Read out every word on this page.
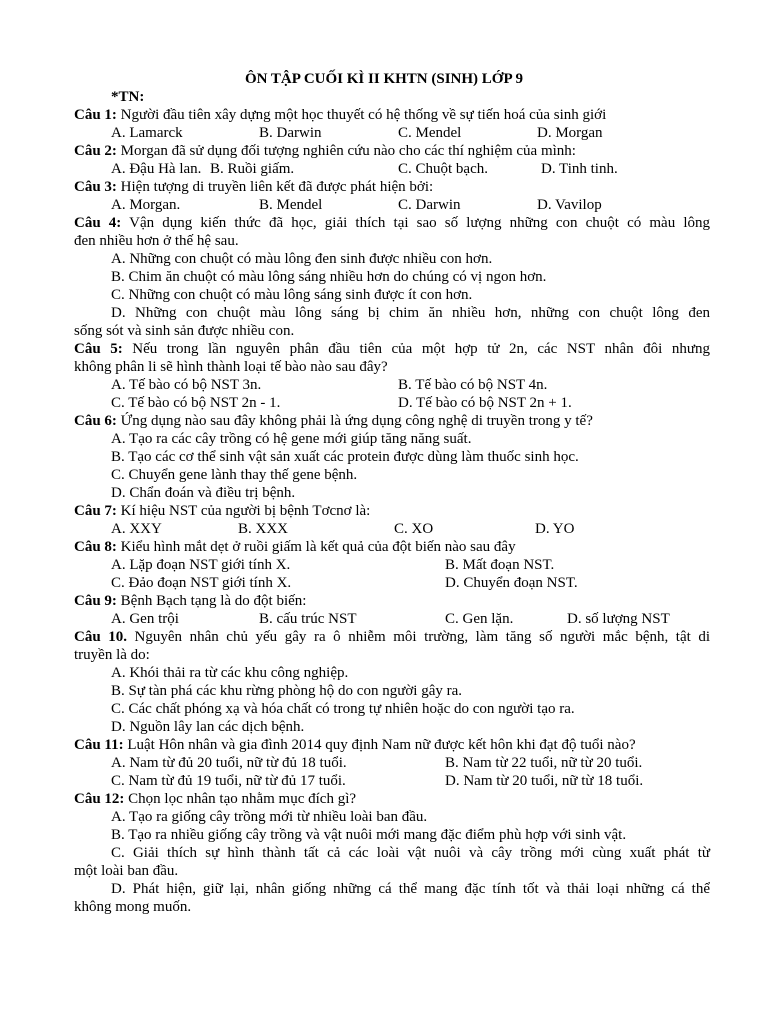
ÔN TẬP CUỐI KÌ II KHTN (SINH) LỚP 9
*TN:
Câu 1: Người đầu tiên xây dựng một học thuyết có hệ thống về sự tiến hoá của sinh giới
A. Lamarck	B. Darwin	C. Mendel	D. Morgan
Câu 2: Morgan đã sử dụng đối tượng nghiên cứu nào cho các thí nghiệm của mình:
A. Đậu Hà lan. B. Ruồi giấm.	C. Chuột bạch.	D. Tinh tinh.
Câu 3: Hiện tượng di truyền liên kết đã được phát hiện bởi:
A. Morgan.	B. Mendel	C. Darwin	D. Vavilop
Câu 4: Vận dụng kiến thức đã học, giải thích tại sao số lượng những con chuột có màu lông
đen nhiều hơn ở thế hệ sau.
A. Những con chuột có màu lông đen sinh được nhiều con hơn.
B. Chim ăn chuột có màu lông sáng nhiều hơn do chúng có vị ngon hơn.
C. Những con chuột có màu lông sáng sinh được ít con hơn.
D. Những con chuột màu lông sáng bị chim ăn nhiều hơn, những con chuột lông đen
sống sót và sinh sản được nhiều con.
Câu 5: Nếu trong lần nguyên phân đầu tiên của một hợp tử 2n, các NST nhân đôi nhưng
không phân li sẽ hình thành loại tế bào nào sau đây?
A. Tế bào có bộ NST 3n.	B. Tế bào có bộ NST 4n.
C. Tế bào có bộ NST 2n - 1.	D. Tế bào có bộ NST 2n + 1.
Câu 6: Ứng dụng nào sau đây không phải là ứng dụng công nghệ di truyền trong y tế?
A. Tạo ra các cây trồng có hệ gene mới giúp tăng năng suất.
B. Tạo các cơ thể sinh vật sản xuất các protein được dùng làm thuốc sinh học.
C. Chuyển gene lành thay thế gene bệnh.
D. Chẩn đoán và điều trị bệnh.
Câu 7: Kí hiệu NST của người bị bệnh Tơcnơ là:
A. XXY	B. XXX	C. XO	D. YO
Câu 8: Kiểu hình mắt dẹt ở ruồi giấm là kết quả của đột biến nào sau đây
A. Lặp đoạn NST giới tính X.	B. Mất đoạn NST.
C. Đảo đoạn NST giới tính X.	D. Chuyển đoạn NST.
Câu 9: Bệnh Bạch tạng là do đột biến:
A. Gen trội	B. cấu trúc NST	C. Gen lặn.	D. số lượng NST
Câu 10. Nguyên nhân chủ yếu gây ra ô nhiễm môi trường, làm tăng số người mắc bệnh, tật di
truyền là do:
A. Khói thải ra từ các khu công nghiệp.
B. Sự tàn phá các khu rừng phòng hộ do con người gây ra.
C. Các chất phóng xạ và hóa chất có trong tự nhiên hoặc do con người tạo ra.
D. Nguồn lây lan các dịch bệnh.
Câu 11: Luật Hôn nhân và gia đình 2014 quy định Nam nữ được kết hôn khi đạt độ tuổi nào?
A. Nam từ đủ 20 tuổi, nữ từ đủ 18 tuổi.	B. Nam từ 22 tuổi, nữ từ 20 tuổi.
C. Nam từ đủ 19 tuổi, nữ từ đủ 17 tuổi.	D. Nam từ 20 tuổi, nữ từ 18 tuổi.
Câu 12: Chọn lọc nhân tạo nhằm mục đích gì?
A. Tạo ra giống cây trồng mới từ nhiều loài ban đầu.
B. Tạo ra nhiều giống cây trồng và vật nuôi mới mang đặc điểm phù hợp với sinh vật.
C. Giải thích sự hình thành tất cả các loài vật nuôi và cây trồng mới cùng xuất phát từ
một loài ban đầu.
D. Phát hiện, giữ lại, nhân giống những cá thể mang đặc tính tốt và thải loại những cá thể
không mong muốn.
